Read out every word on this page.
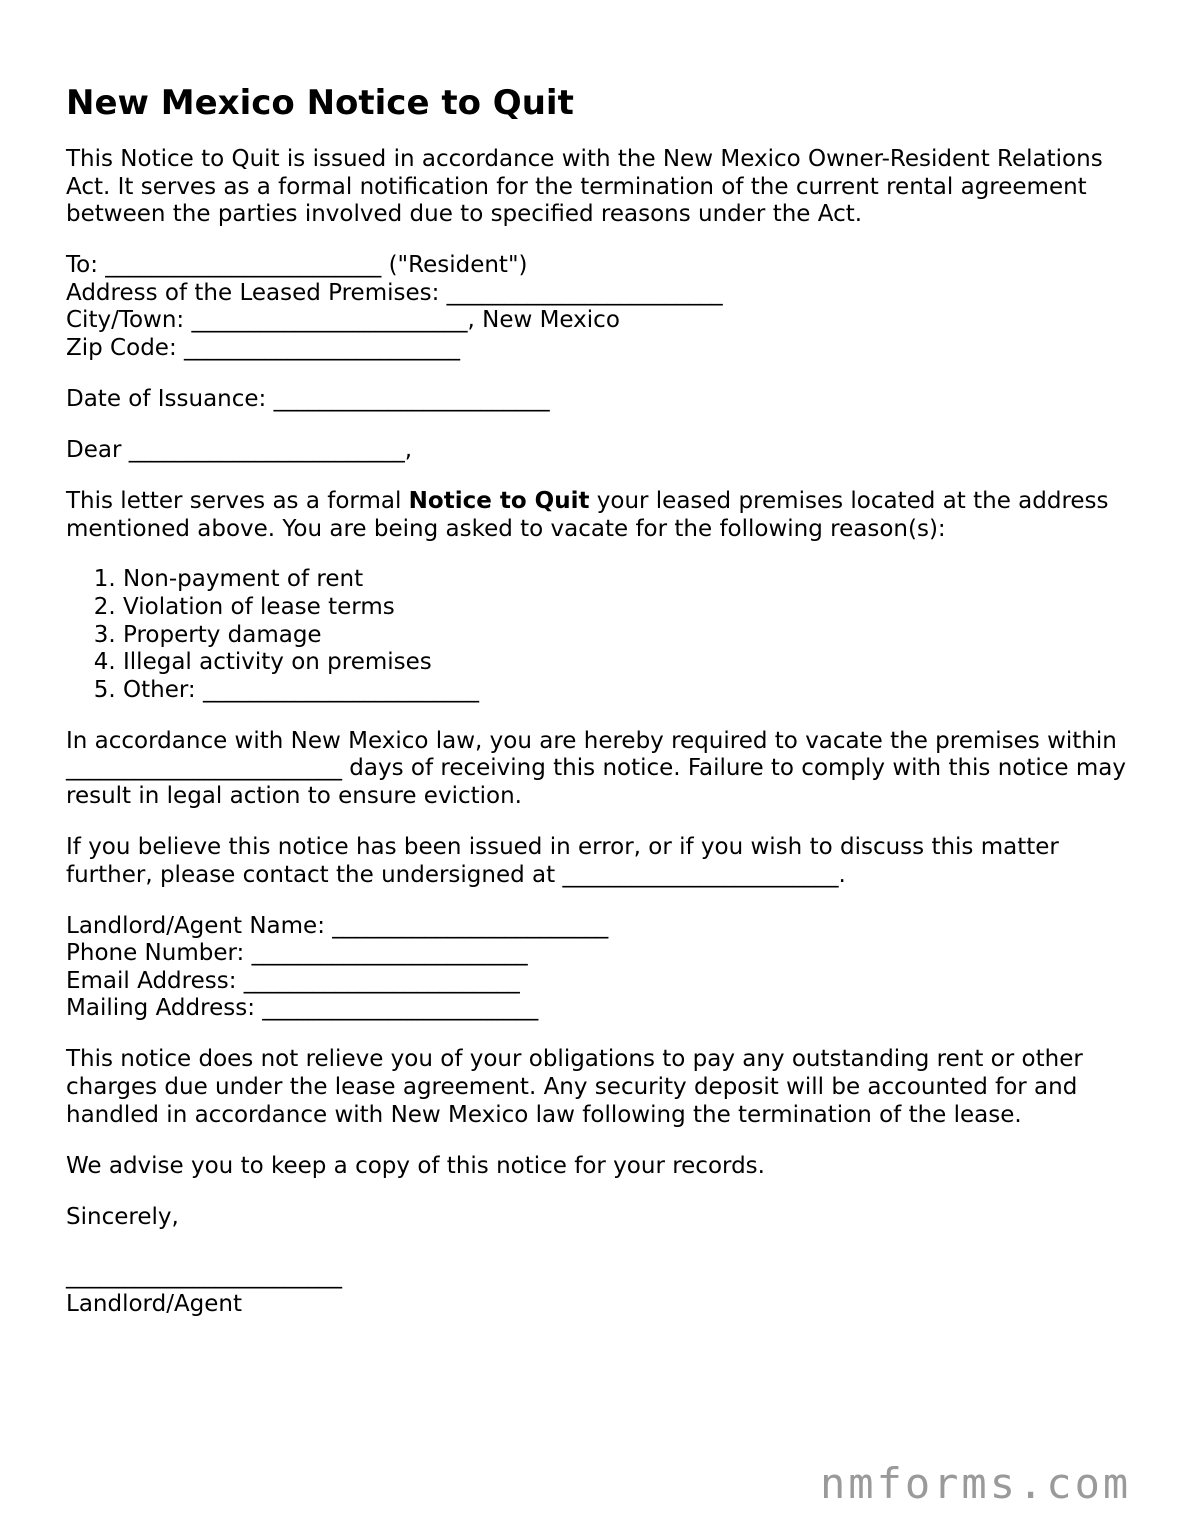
New Mexico Notice to Quit

This Notice to Quit is issued in accordance with the New Mexico Owner-Resident Relations Act. It serves as a formal notification for the termination of the current rental agreement between the parties involved due to specified reasons under the Act.

To: ________________________ ("Resident")
Address of the Leased Premises: ________________________
City/Town: ________________________, New Mexico
Zip Code: ________________________

Date of Issuance: ________________________

Dear ________________________,

This letter serves as a formal Notice to Quit your leased premises located at the address mentioned above. You are being asked to vacate for the following reason(s):

1. Non-payment of rent
2. Violation of lease terms
3. Property damage
4. Illegal activity on premises
5. Other: ________________________

In accordance with New Mexico law, you are hereby required to vacate the premises within ________________________ days of receiving this notice. Failure to comply with this notice may result in legal action to ensure eviction.

If you believe this notice has been issued in error, or if you wish to discuss this matter further, please contact the undersigned at ________________________.

Landlord/Agent Name: ________________________
Phone Number: ________________________
Email Address: ________________________
Mailing Address: ________________________

This notice does not relieve you of your obligations to pay any outstanding rent or other charges due under the lease agreement. Any security deposit will be accounted for and handled in accordance with New Mexico law following the termination of the lease.

We advise you to keep a copy of this notice for your records.

Sincerely,
________________________
Landlord/Agent

nmforms.com
